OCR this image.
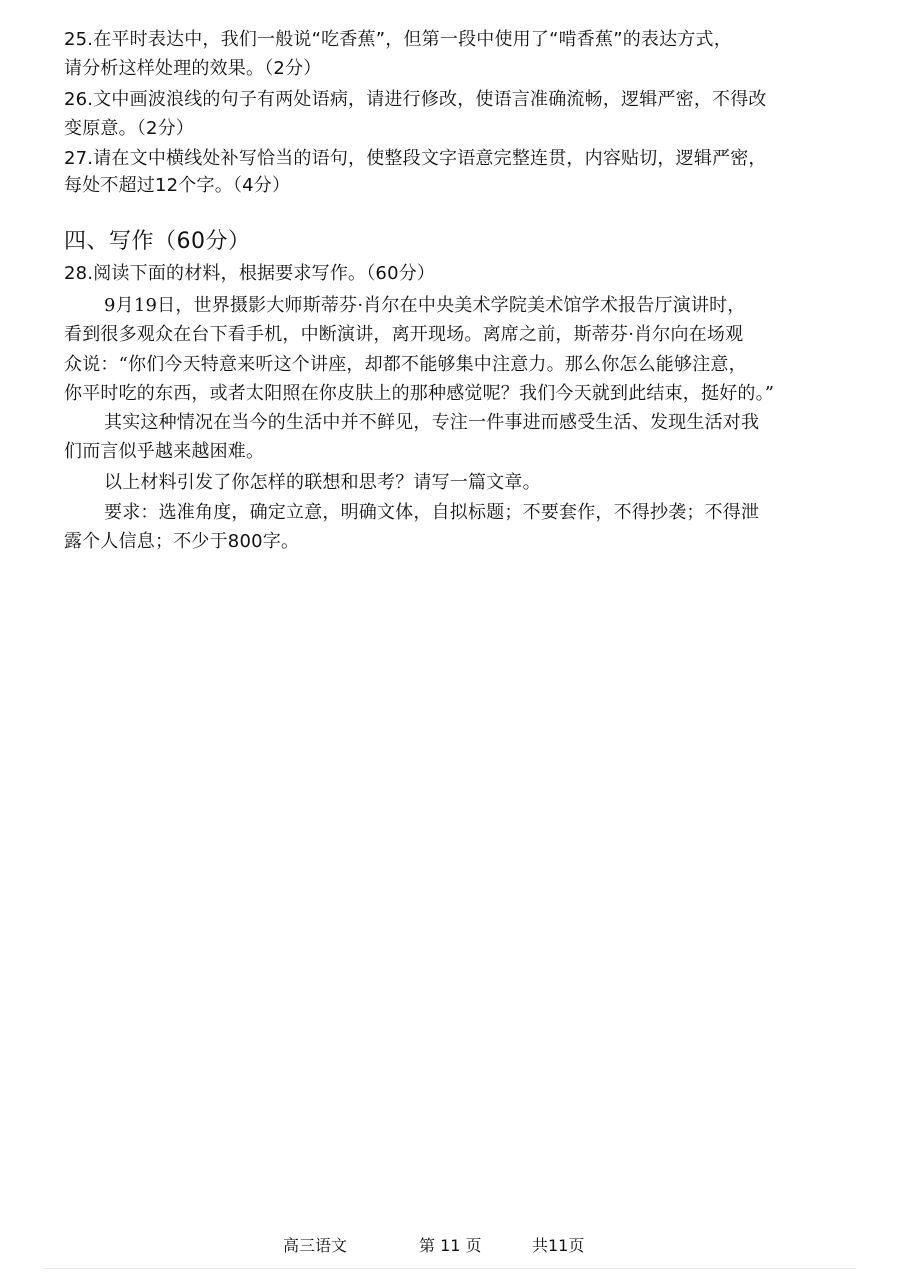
25.在平时表达中，我们一般说“吃香蕉”，但第一段中使用了“啃香蕉”的表达方式，
请分析这样处理的效果。（2分）
26.文中画波浪线的句子有两处语病，请进行修改，使语言准确流畅，逻辑严密，不得改
变原意。（2分）
27.请在文中横线处补写恰当的语句，使整段文字语意完整连贯，内容贴切，逻辑严密，
每处不超过12个字。（4分）
四、写作（60分）
28.阅读下面的材料，根据要求写作。（60分）
9月19日，世界摄影大师斯蒂芬·肖尔在中央美术学院美术馆学术报告厅演讲时，
看到很多观众在台下看手机，中断演讲，离开现场。离席之前，斯蒂芬·肖尔向在场观
众说：“你们今天特意来听这个讲座，却都不能够集中注意力。那么你怎么能够注意，
你平时吃的东西，或者太阳照在你皮肤上的那种感觉呢？我们今天就到此结束，挺好的。”
其实这种情况在当今的生活中并不鲜见，专注一件事进而感受生活、发现生活对我
们而言似乎越来越困难。
以上材料引发了你怎样的联想和思考？请写一篇文章。
要求：选准角度，确定立意，明确文体，自拟标题；不要套作，不得抄袭；不得泄
露个人信息；不少于800字。
高三语文	第 11 页	共11页
